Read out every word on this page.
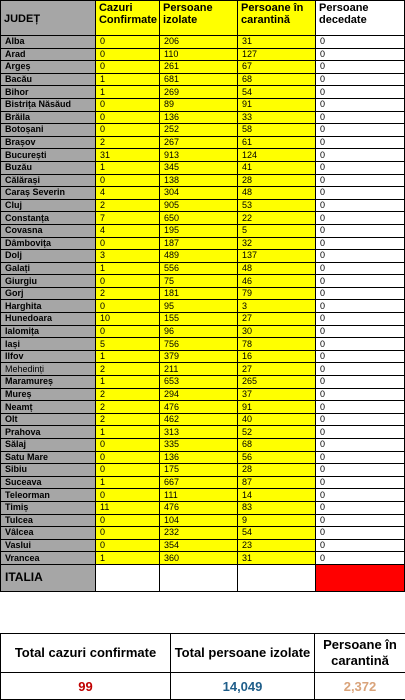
JUDEȚ	Cazuri Confirmate	Persoane izolate	Persoane în carantină	Persoane decedate
Alba	0	206	31	0
Arad	0	110	127	0
Argeș	0	261	67	0
Bacău	1	681	68	0
Bihor	1	269	54	0
Bistrița Năsăud	0	89	91	0
Brăila	0	136	33	0
Botoșani	0	252	58	0
Brașov	2	267	61	0
București	31	913	124	0
Buzău	1	345	41	0
Călărași	0	138	28	0
Caraș Severin	4	304	48	0
Cluj	2	905	53	0
Constanța	7	650	22	0
Covasna	4	195	5	0
Dâmbovița	0	187	32	0
Dolj	3	489	137	0
Galați	1	556	48	0
Giurgiu	0	75	46	0
Gorj	2	181	79	0
Harghita	0	95	3	0
Hunedoara	10	155	27	0
Ialomița	0	96	30	0
Iași	5	756	78	0
Ilfov	1	379	16	0
Mehedinți	2	211	27	0
Maramureș	1	653	265	0
Mureș	2	294	37	0
Neamț	2	476	91	0
Olt	2	462	40	0
Prahova	1	313	52	0
Sălaj	0	335	68	0
Satu Mare	0	136	56	0
Sibiu	0	175	28	0
Suceava	1	667	87	0
Teleorman	0	111	14	0
Timiș	11	476	83	0
Tulcea	0	104	9	0
Vâlcea	0	232	54	0
Vaslui	0	354	23	0
Vrancea	1	360	31	0
ITALIA				
Total cazuri confirmate	Total persoane izolate	Persoane în carantină
99	14,049	2,372
